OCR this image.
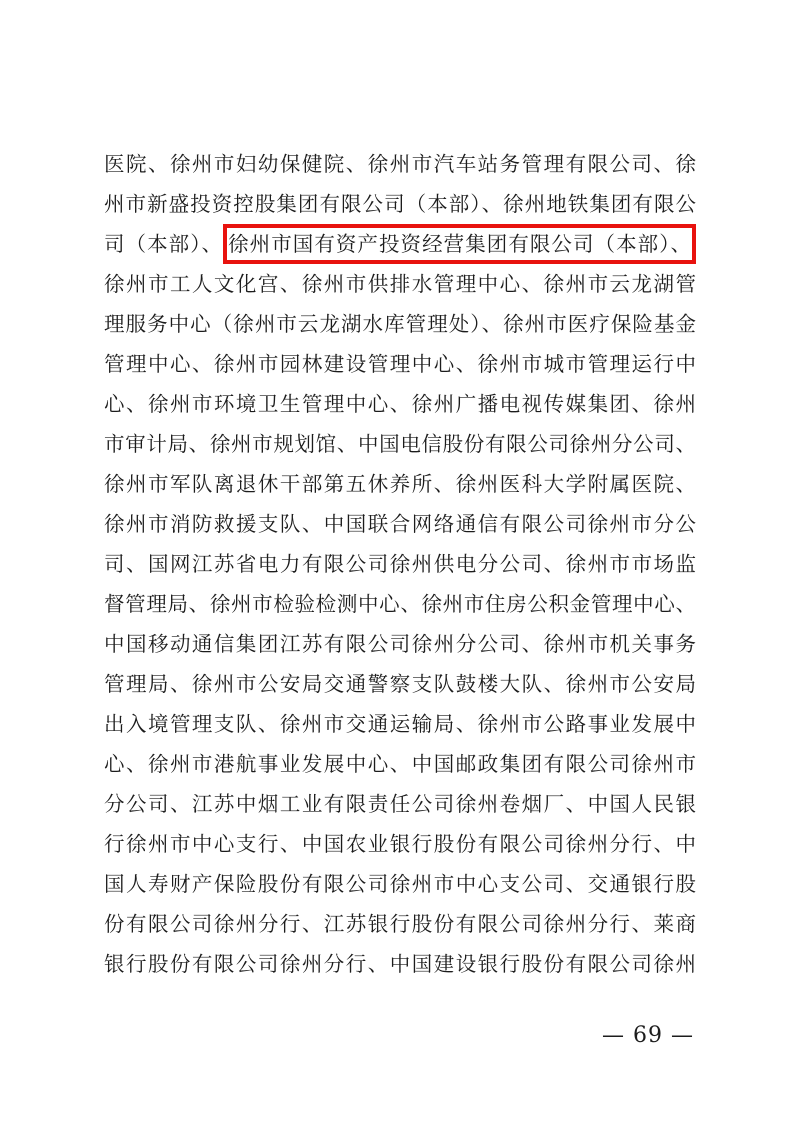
医院、徐州市妇幼保健院、徐州市汽车站务管理有限公司、徐
州市新盛投资控股集团有限公司（本部）、徐州地铁集团有限公
司（本部）、 徐州市国有资产投资经营集团有限公司（本部）、
徐州市工人文化宫、徐州市供排水管理中心、徐州市云龙湖管
理服务中心（徐州市云龙湖水库管理处）、徐州市医疗保险基金
管理中心、徐州市园林建设管理中心、徐州市城市管理运行中
心、徐州市环境卫生管理中心、徐州广播电视传媒集团、徐州
市审计局、徐州市规划馆、中国电信股份有限公司徐州分公司、
徐州市军队离退休干部第五休养所、徐州医科大学附属医院、
徐州市消防救援支队、中国联合网络通信有限公司徐州市分公
司、国网江苏省电力有限公司徐州供电分公司、徐州市市场监
督管理局、徐州市检验检测中心、徐州市住房公积金管理中心、
中国移动通信集团江苏有限公司徐州分公司、徐州市机关事务
管理局、徐州市公安局交通警察支队鼓楼大队、徐州市公安局
出入境管理支队、徐州市交通运输局、徐州市公路事业发展中
心、徐州市港航事业发展中心、中国邮政集团有限公司徐州市
分公司、江苏中烟工业有限责任公司徐州卷烟厂、中国人民银
行徐州市中心支行、中国农业银行股份有限公司徐州分行、中
国人寿财产保险股份有限公司徐州市中心支公司、交通银行股
份有限公司徐州分行、江苏银行股份有限公司徐州分行、莱商
银行股份有限公司徐州分行、中国建设银行股份有限公司徐州
— 69 —
